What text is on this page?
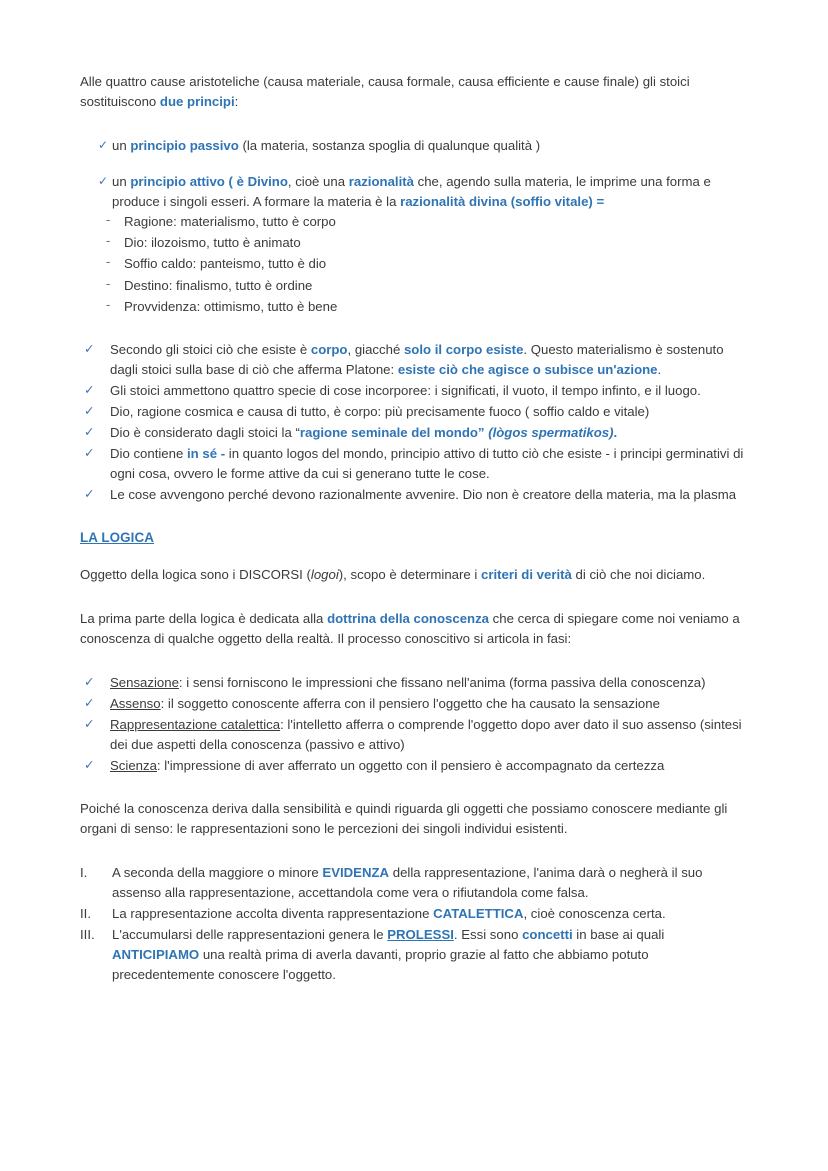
Alle quattro cause aristoteliche (causa materiale, causa formale, causa efficiente e cause finale) gli stoici sostituiscono due principi:

✓ un principio passivo (la materia, sostanza spoglia di qualunque qualità )
✓ un principio attivo ( è Divino, cioè una razionalità che, agendo sulla materia, le imprime una forma e produce i singoli esseri. A formare la materia è la razionalità divina (soffio vitale) =
- Ragione: materialismo, tutto è corpo
- Dio: ilozoismo, tutto è animato
- Soffio caldo: panteismo, tutto è dio
- Destino: finalismo, tutto è ordine
- Provvidenza: ottimismo, tutto è bene
✓ Secondo gli stoici ciò che esiste è corpo, giacché solo il corpo esiste. Questo materialismo è sostenuto dagli stoici sulla base di ciò che afferma Platone: esiste ciò che agisce o subisce un'azione.
✓ Gli stoici ammettono quattro specie di cose incorporee: i significati, il vuoto, il tempo infinto, e il luogo.
✓ Dio, ragione cosmica e causa di tutto, è corpo: più precisamente fuoco ( soffio caldo e vitale)
✓ Dio è considerato dagli stoici la “ragione seminale del mondo” (lògos spermatikos).
✓ Dio contiene in sé - in quanto logos del mondo, principio attivo di tutto ciò che esiste - i principi germinativi di ogni cosa, ovvero le forme attive da cui si generano tutte le cose.
✓ Le cose avvengono perché devono razionalmente avvenire. Dio non è creatore della materia, ma la plasma
LA LOGICA

Oggetto della logica sono i DISCORSI (logoi), scopo è determinare i criteri di verità di ciò che noi diciamo.

La prima parte della logica è dedicata alla dottrina della conoscenza che cerca di spiegare come noi veniamo a conoscenza di qualche oggetto della realtà. Il processo conoscitivo si articola in fasi:

✓ Sensazione: i sensi forniscono le impressioni che fissano nell'anima (forma passiva della conoscenza)
✓ Assenso: il soggetto conoscente afferra con il pensiero l'oggetto che ha causato la sensazione
✓ Rappresentazione catalettica: l'intelletto afferra o comprende l'oggetto dopo aver dato il suo assenso (sintesi dei due aspetti della conoscenza (passivo e attivo)
✓ Scienza: l'impressione di aver afferrato un oggetto con il pensiero è accompagnato da certezza

Poiché la conoscenza deriva dalla sensibilità e quindi riguarda gli oggetti che possiamo conoscere mediante gli organi di senso: le rappresentazioni sono le percezioni dei singoli individui esistenti.

I.	A seconda della maggiore o minore EVIDENZA della rappresentazione, l'anima darà o negherà il suo assenso alla rappresentazione, accettandola come vera o rifiutandola come falsa.
II.	La rappresentazione accolta diventa rappresentazione CATALETTICA, cioè conoscenza certa.
III.	L'accumularsi delle rappresentazioni genera le PROLESSI. Essi sono concetti in base ai quali ANTICIPIAMO una realtà prima di averla davanti, proprio grazie al fatto che abbiamo potuto precedentemente conoscere l'oggetto.
